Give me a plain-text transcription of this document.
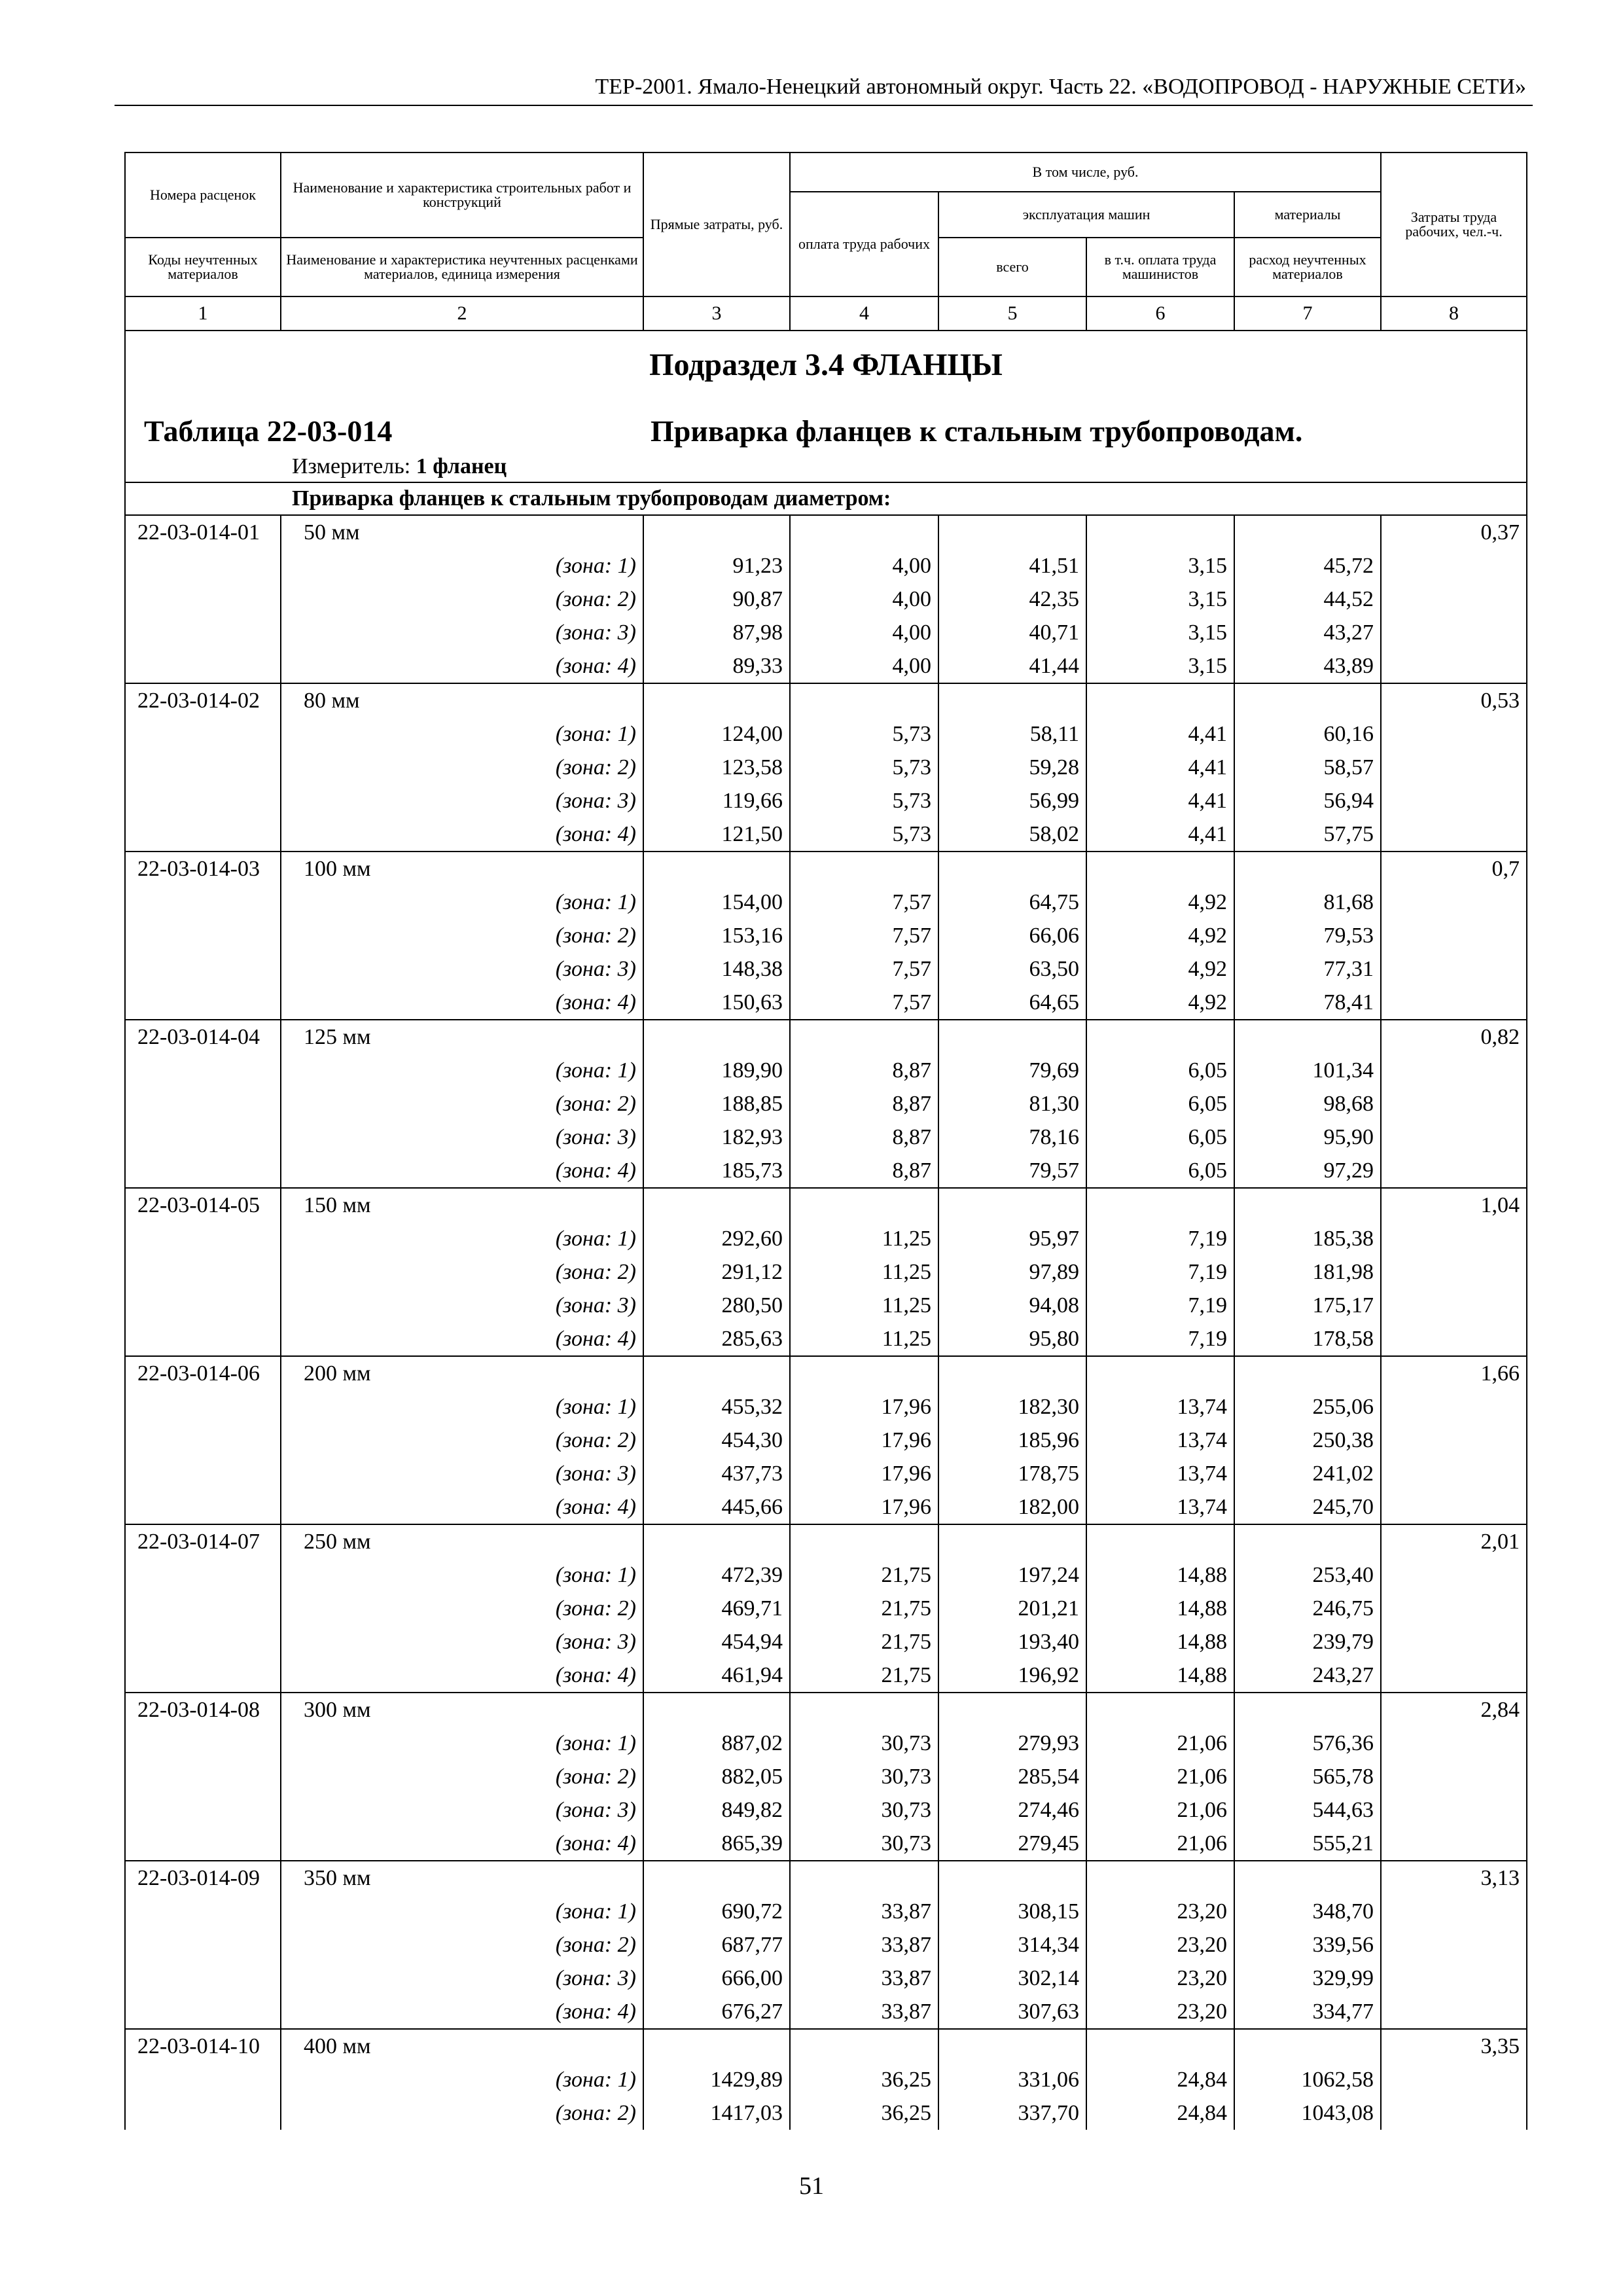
ТЕР-2001. Ямало-Ненецкий автономный округ. Часть 22. «ВОДОПРОВОД - НАРУЖНЫЕ СЕТИ»
Номера расценок	Наименование и характеристика строительных работ и конструкций	Прямые затраты, руб.	В том числе, руб.				Затраты труда рабочих, чел.-ч.
			оплата труда рабочих	эксплуатация машин		материалы	
Коды неучтенных материалов	Наименование и характеристика неучтенных расценками материалов, единица измерения			всего	в т.ч. оплата труда машинистов	расход неучтенных материалов	
1	2	3	4	5	6	7	8

Подраздел 3.4 ФЛАНЦЫ
Таблица 22-03-014 Приварка фланцев к стальным трубопроводам.
Измеритель: 1 фланец							

Приварка фланцев к стальным трубопроводам диаметром:							
22-03-014-01	50 мм						0,37
	(зона: 1)	91,23	4,00	41,51	3,15	45,72	
	(зона: 2)	90,87	4,00	42,35	3,15	44,52	
	(зона: 3)	87,98	4,00	40,71	3,15	43,27	
	(зона: 4)	89,33	4,00	41,44	3,15	43,89	
22-03-014-02	80 мм						0,53
	(зона: 1)	124,00	5,73	58,11	4,41	60,16	
	(зона: 2)	123,58	5,73	59,28	4,41	58,57	
	(зона: 3)	119,66	5,73	56,99	4,41	56,94	
	(зона: 4)	121,50	5,73	58,02	4,41	57,75	
22-03-014-03	100 мм						0,7
	(зона: 1)	154,00	7,57	64,75	4,92	81,68	
	(зона: 2)	153,16	7,57	66,06	4,92	79,53	
	(зона: 3)	148,38	7,57	63,50	4,92	77,31	
	(зона: 4)	150,63	7,57	64,65	4,92	78,41	
22-03-014-04	125 мм						0,82
	(зона: 1)	189,90	8,87	79,69	6,05	101,34	
	(зона: 2)	188,85	8,87	81,30	6,05	98,68	
	(зона: 3)	182,93	8,87	78,16	6,05	95,90	
	(зона: 4)	185,73	8,87	79,57	6,05	97,29	
22-03-014-05	150 мм						1,04
	(зона: 1)	292,60	11,25	95,97	7,19	185,38	
	(зона: 2)	291,12	11,25	97,89	7,19	181,98	
	(зона: 3)	280,50	11,25	94,08	7,19	175,17	
	(зона: 4)	285,63	11,25	95,80	7,19	178,58	
22-03-014-06	200 мм						1,66
	(зона: 1)	455,32	17,96	182,30	13,74	255,06	
	(зона: 2)	454,30	17,96	185,96	13,74	250,38	
	(зона: 3)	437,73	17,96	178,75	13,74	241,02	
	(зона: 4)	445,66	17,96	182,00	13,74	245,70	
22-03-014-07	250 мм						2,01
	(зона: 1)	472,39	21,75	197,24	14,88	253,40	
	(зона: 2)	469,71	21,75	201,21	14,88	246,75	
	(зона: 3)	454,94	21,75	193,40	14,88	239,79	
	(зона: 4)	461,94	21,75	196,92	14,88	243,27	
22-03-014-08	300 мм						2,84
	(зона: 1)	887,02	30,73	279,93	21,06	576,36	
	(зона: 2)	882,05	30,73	285,54	21,06	565,78	
	(зона: 3)	849,82	30,73	274,46	21,06	544,63	
	(зона: 4)	865,39	30,73	279,45	21,06	555,21	
22-03-014-09	350 мм						3,13
	(зона: 1)	690,72	33,87	308,15	23,20	348,70	
	(зона: 2)	687,77	33,87	314,34	23,20	339,56	
	(зона: 3)	666,00	33,87	302,14	23,20	329,99	
	(зона: 4)	676,27	33,87	307,63	23,20	334,77	
22-03-014-10	400 мм						3,35
	(зона: 1)	1429,89	36,25	331,06	24,84	1062,58	
	(зона: 2)	1417,03	36,25	337,70	24,84	1043,08	
51
